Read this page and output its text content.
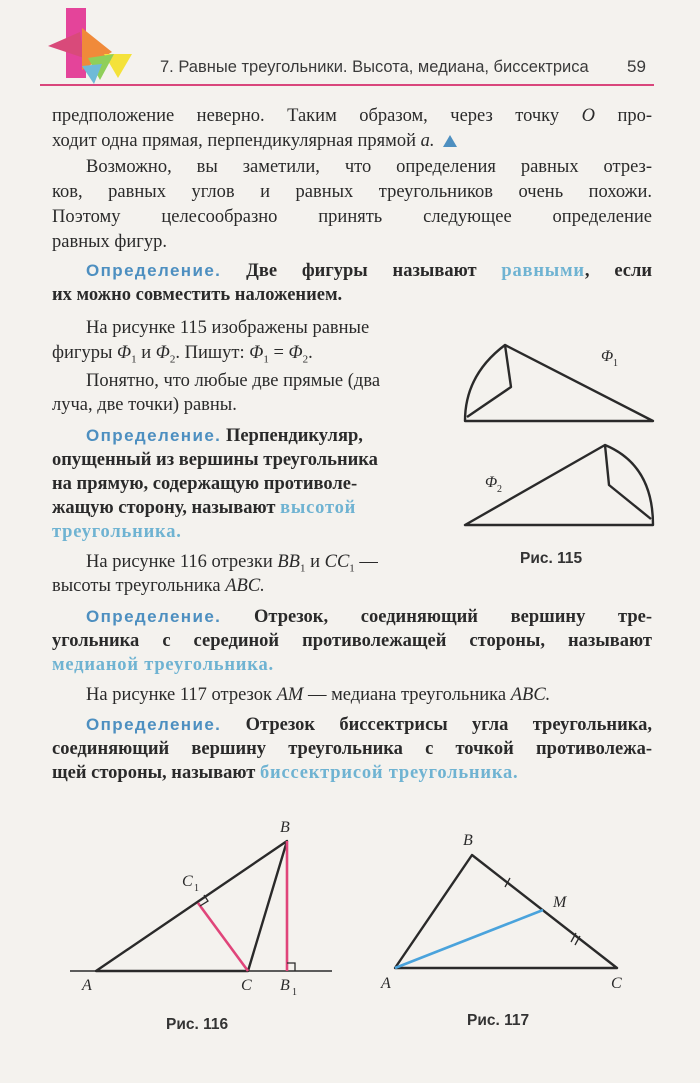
7. Равные треугольники. Высота, медиана, биссектриса 59
предположение неверно. Таким образом, через точку O про-
ходит одна прямая, перпендикулярная прямой a.
Возможно, вы заметили, что определения равных отрез-
ков, равных углов и равных треугольников очень похожи.
Поэтому целесообразно принять следующее определение
равных фигур.
Определение. Две фигуры называют равными, если
их можно совместить наложением.
На рисунке 115 изображены равные
фигуры $\Phi_1$ и $\Phi_2$. Пишут: $\Phi_1 = \Phi_2$.
Понятно, что любые две прямые (два
луча, две точки) равны.
Определение. Перпендикуляр,
опущенный из вершины треугольника
на прямую, содержащую противоле-
жащую сторону, называют высотой
треугольника.
На рисунке 116 отрезки $BB_1$ и $CC_1$ —
высоты треугольника ABC.
Определение. Отрезок, соединяющий вершину тре-
угольника с серединой противолежащей стороны, называют
медианой треугольника.
На рисунке 117 отрезок AM — медиана треугольника ABC.
Определение. Отрезок биссектрисы угла треугольника,
соединяющий вершину треугольника с точкой противолежа-
щей стороны, называют биссектрисой треугольника.
Φ 1
Φ 2
Рис. 115
A
B
C
C
B
1
1
Рис. 116
A
B
C
M
Рис. 117
